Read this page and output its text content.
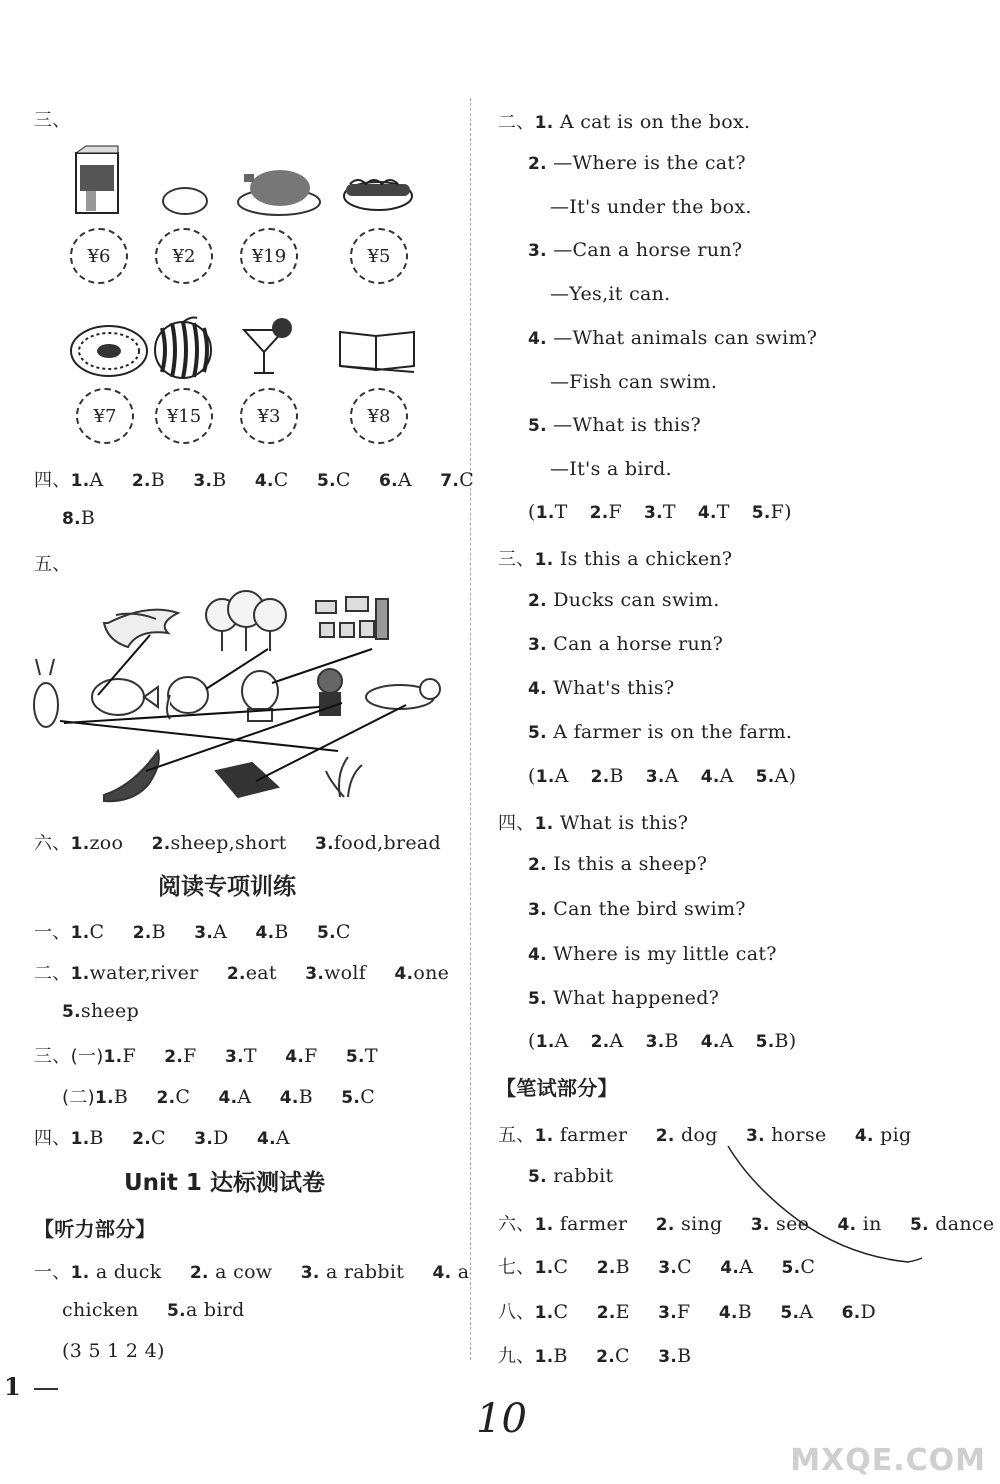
三、
¥6	¥2	¥19	¥5
¥7	¥15	¥3	¥8
四、1.A 2.B 3.B 4.C 5.C 6.A 7.C
8.B
五、
六、1.zoo 2.sheep,short 3.food,bread
阅读专项训练
一、1.C 2.B 3.A 4.B 5.C
二、1.water,river 2.eat 3.wolf 4.one
5.sheep
三、(一)1.F 2.F 3.T 4.F 5.T
(二)1.B 2.C 4.A 4.B 5.C
四、1.B 2.C 3.D 4.A
Unit 1 达标测试卷
【听力部分】
一、1. a duck 2. a cow 3. a rabbit 4. a
chicken 5.a bird
(3 5 1 2 4)
1
二、1. A cat is on the box.
2. —Where is the cat?
—It's under the box.
3. —Can a horse run?
—Yes,it can.
4. —What animals can swim?
—Fish can swim.
5. —What is this?
—It's a bird.
(1.T 2.F 3.T 4.T 5.F)
三、1. Is this a chicken?
2. Ducks can swim.
3. Can a horse run?
4. What's this?
5. A farmer is on the farm.
(1.A 2.B 3.A 4.A 5.A)
四、1. What is this?
2. Is this a sheep?
3. Can the bird swim?
4. Where is my little cat?
5. What happened?
(1.A 2.A 3.B 4.A 5.B)
【笔试部分】
五、1. farmer 2. dog 3. horse 4. pig
5. rabbit
六、1. farmer 2. sing 3. see 4. in 5. dance
七、1.C 2.B 3.C 4.A 5.C
八、1.C 2.E 3.F 4.B 5.A 6.D
九、1.B 2.C 3.B
10
MXQE.COM
